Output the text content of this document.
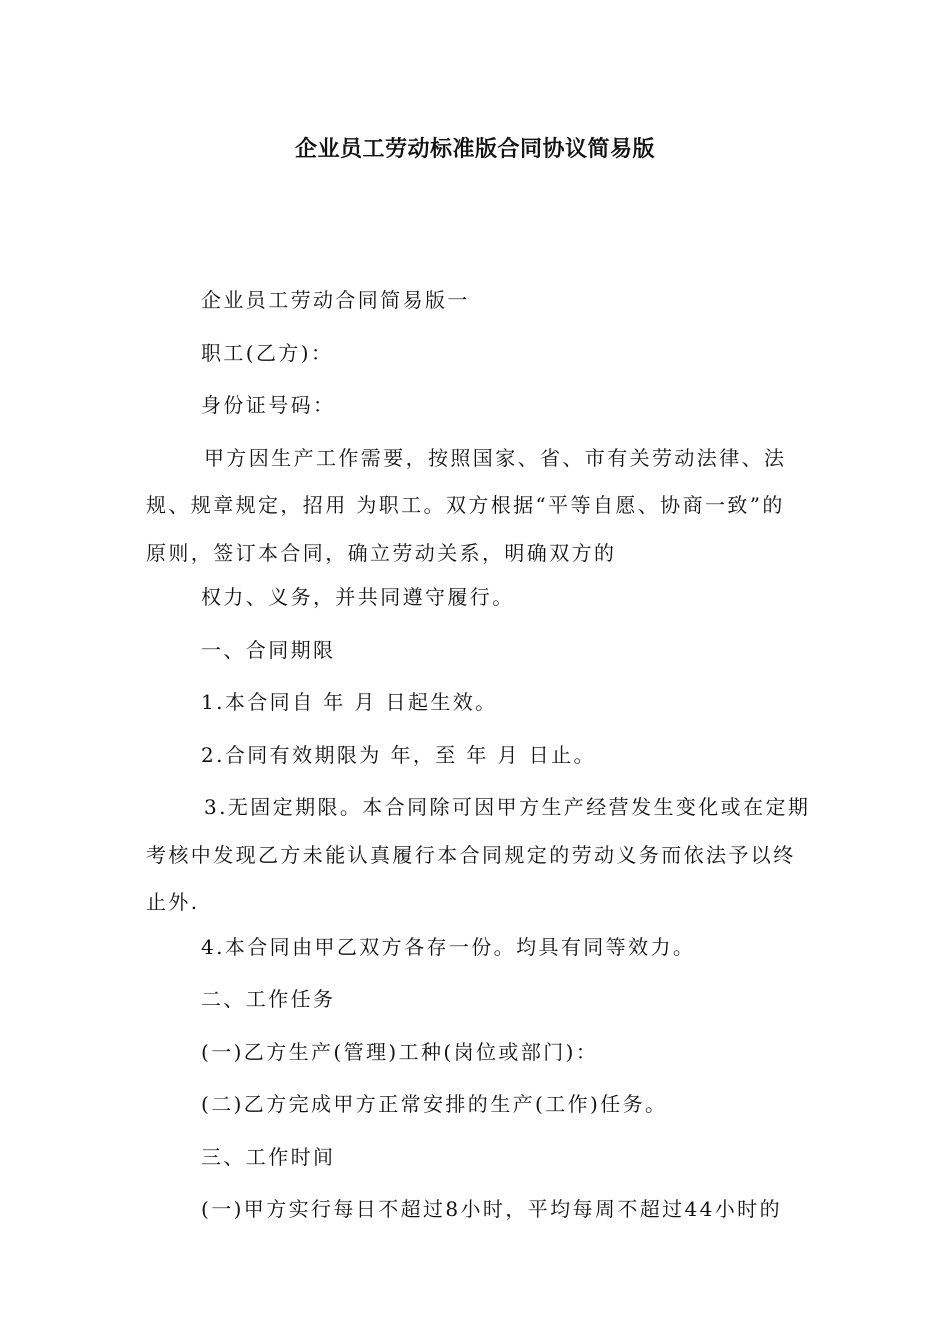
企业员工劳动标准版合同协议简易版

企业员工劳动合同简易版一

职工(乙方)：

身份证号码：

甲方因生产工作需要，按照国家、省、市有关劳动法律、法
规、规章规定，招用 为职工。双方根据“平等自愿、协商一致”的
原则，签订本合同，确立劳动关系，明确双方的

权力、义务，并共同遵守履行。

一、合同期限

1.本合同自 年 月 日起生效。

2.合同有效期限为 年，至 年 月 日止。

3.无固定期限。本合同除可因甲方生产经营发生变化或在定期
考核中发现乙方未能认真履行本合同规定的劳动义务而依法予以终
止外.

4.本合同由甲乙双方各存一份。均具有同等效力。

二、工作任务

(一)乙方生产(管理)工种(岗位或部门)：

(二)乙方完成甲方正常安排的生产(工作)任务。

三、工作时间

(一)甲方实行每日不超过8小时，平均每周不超过44小时的
